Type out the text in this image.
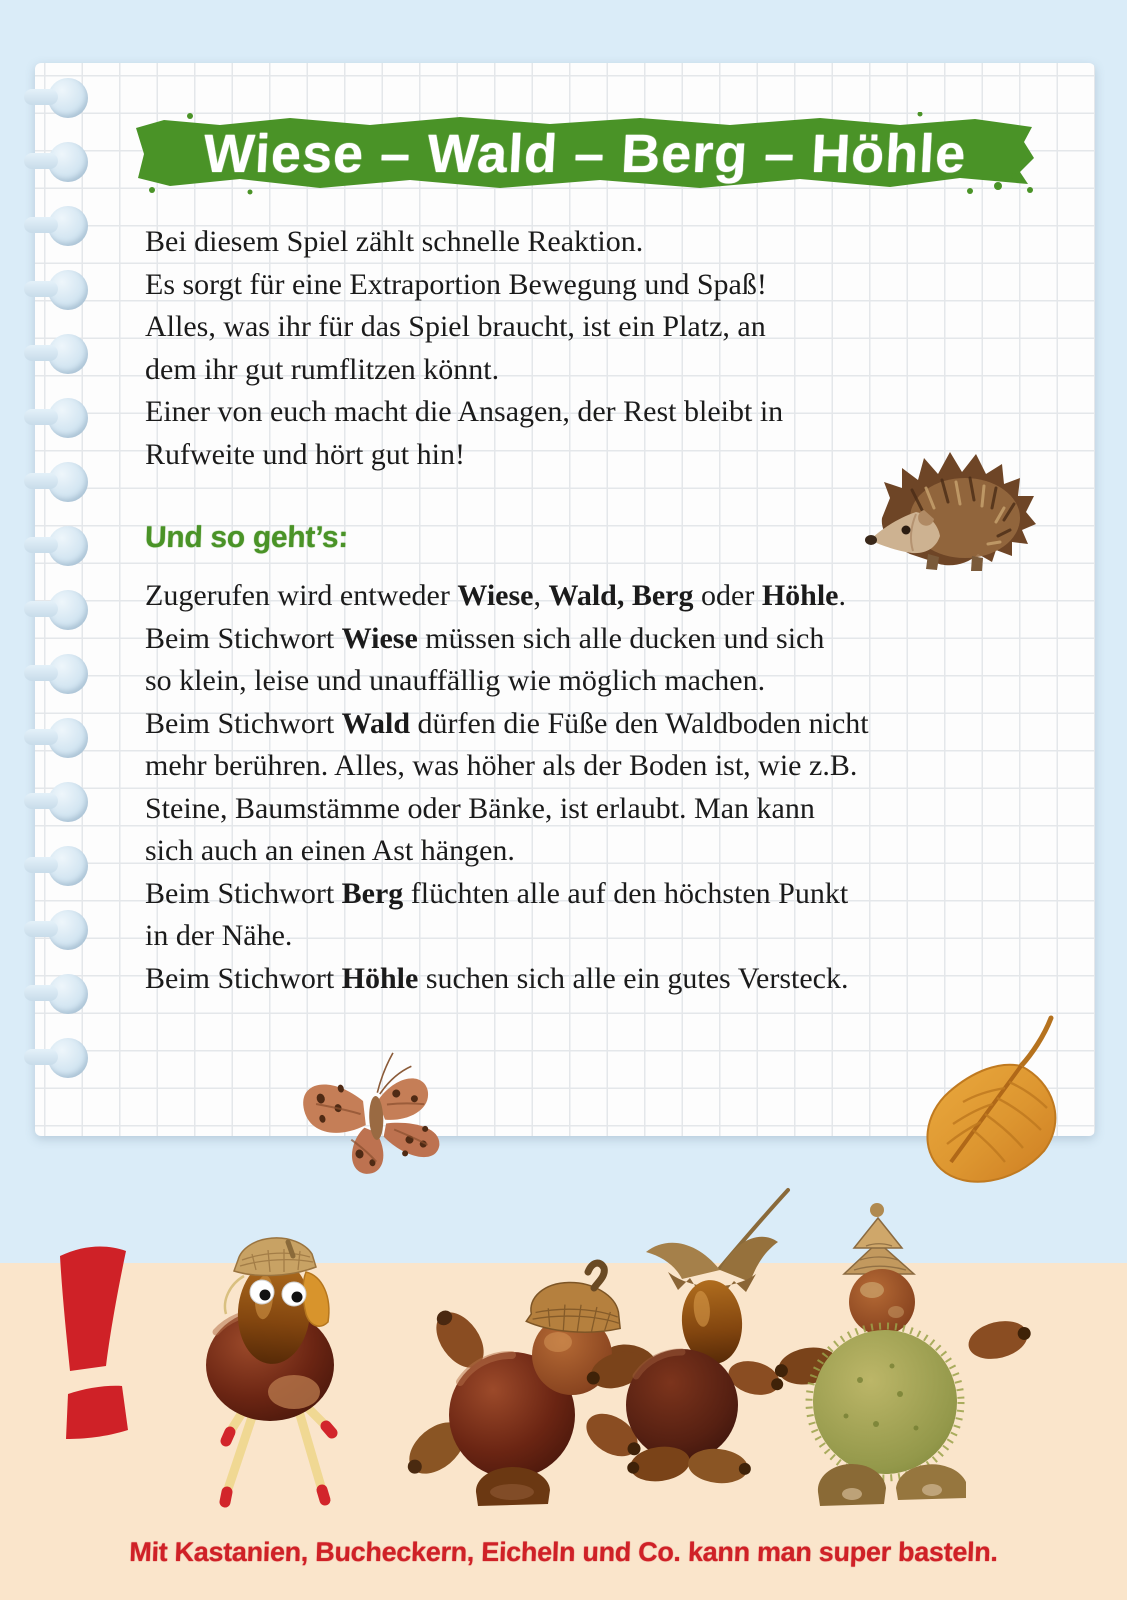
Wiese – Wald – Berg – Höhle
Bei diesem Spiel zählt schnelle Reaktion.
Es sorgt für eine Extraportion Bewegung und Spaß!
Alles, was ihr für das Spiel braucht, ist ein Platz, an
dem ihr gut rumflitzen könnt.
Einer von euch macht die Ansagen, der Rest bleibt in
Rufweite und hört gut hin!
Und so geht’s:
Zugerufen wird entweder Wiese, Wald, Berg oder Höhle.
Beim Stichwort Wiese müssen sich alle ducken und sich
so klein, leise und unauffällig wie möglich machen.
Beim Stichwort Wald dürfen die Füße den Waldboden nicht
mehr berühren. Alles, was höher als der Boden ist, wie z.B.
Steine, Baumstämme oder Bänke, ist erlaubt. Man kann
sich auch an einen Ast hängen.
Beim Stichwort Berg flüchten alle auf den höchsten Punkt
in der Nähe.
Beim Stichwort Höhle suchen sich alle ein gutes Versteck.
Mit Kastanien, Bucheckern, Eicheln und Co. kann man super basteln.
